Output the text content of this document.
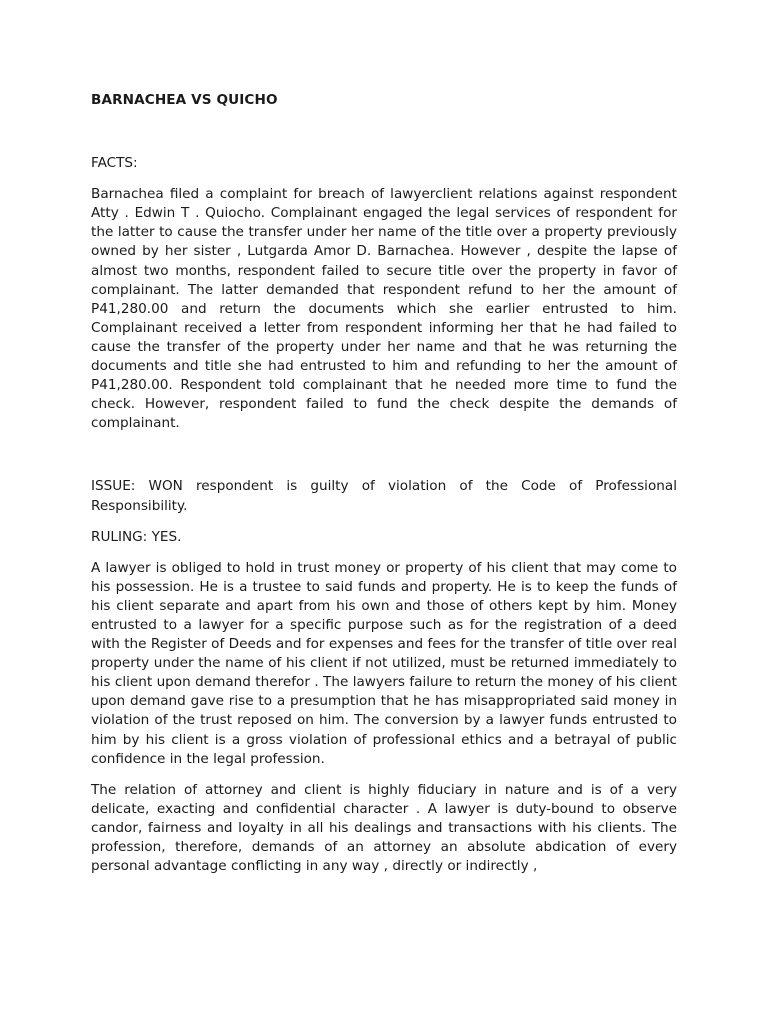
BARNACHEA VS QUICHO

FACTS:

Barnachea filed a complaint for breach of lawyerclient relations against respondent Atty . Edwin T . Quiocho. Complainant engaged the legal services of respondent for the latter to cause the transfer under her name of the title over a property previously owned by her sister , Lutgarda Amor D. Barnachea. However , despite the lapse of almost two months, respondent failed to secure title over the property in favor of complainant. The latter demanded that respondent refund to her the amount of P41,280.00 and return the documents which she earlier entrusted to him. Complainant received a letter from respondent informing her that he had failed to cause the transfer of the property under her name and that he was returning the documents and title she had entrusted to him and refunding to her the amount of P41,280.00. Respondent told complainant that he needed more time to fund the check. However, respondent failed to fund the check despite the demands of complainant.

ISSUE: WON respondent is guilty of violation of the Code of Professional Responsibility.

RULING: YES.

A lawyer is obliged to hold in trust money or property of his client that may come to his possession. He is a trustee to said funds and property. He is to keep the funds of his client separate and apart from his own and those of others kept by him. Money entrusted to a lawyer for a specific purpose such as for the registration of a deed with the Register of Deeds and for expenses and fees for the transfer of title over real property under the name of his client if not utilized, must be returned immediately to his client upon demand therefor . The lawyers failure to return the money of his client upon demand gave rise to a presumption that he has misappropriated said money in violation of the trust reposed on him. The conversion by a lawyer funds entrusted to him by his client is a gross violation of professional ethics and a betrayal of public confidence in the legal profession.

The relation of attorney and client is highly fiduciary in nature and is of a very delicate, exacting and confidential character . A lawyer is duty-bound to observe candor, fairness and loyalty in all his dealings and transactions with his clients. The profession, therefore, demands of an attorney an absolute abdication of every personal advantage conflicting in any way , directly or indirectly ,
